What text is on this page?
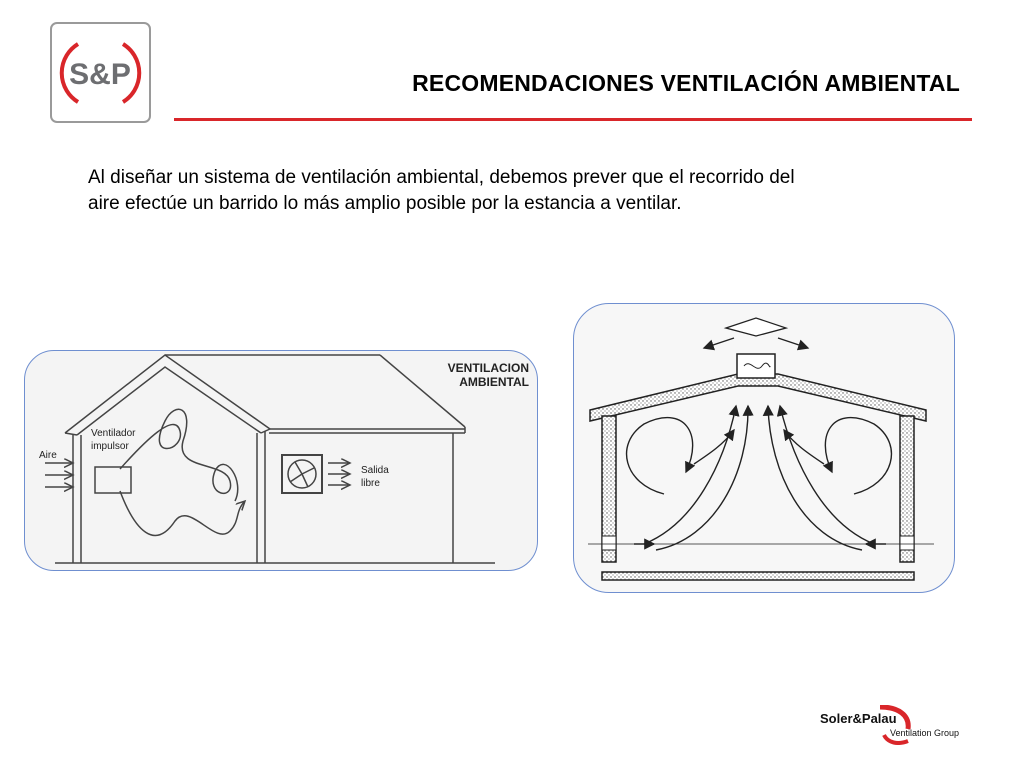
S&P	RECOMENDACIONES VENTILACIÓN AMBIENTAL
Al diseñar un sistema de ventilación ambiental, debemos prever que el recorrido del
aire efectúe un barrido lo más amplio posible por la estancia a ventilar.
VENTILACION
AMBIENTAL
Ventilador
impulsor
Aire
Salida
libre
Soler&Palau
Ventilation Group
